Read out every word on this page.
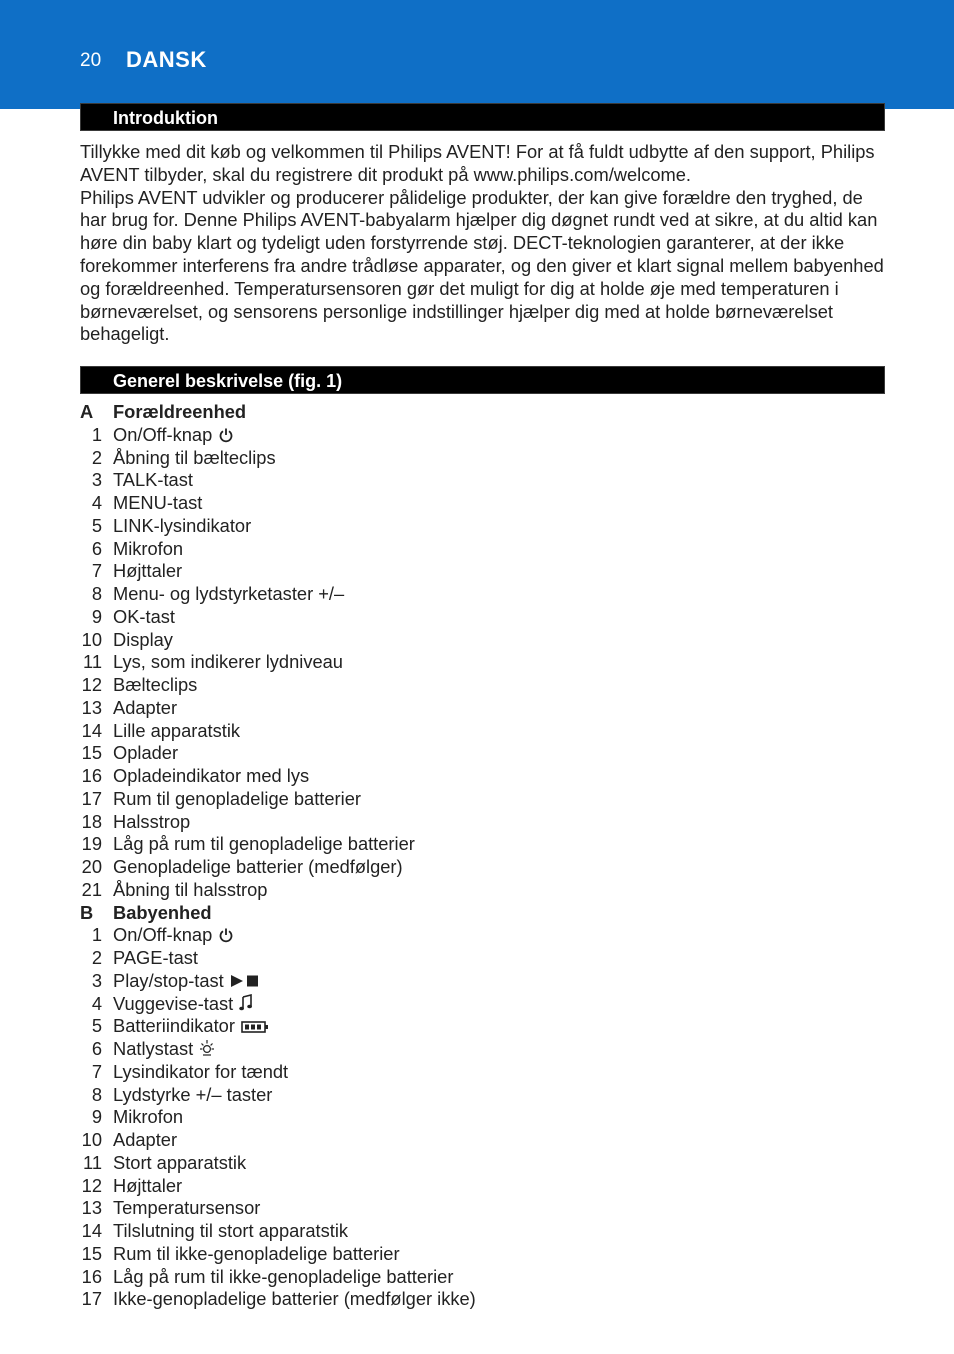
20 DANSK
Introduktion

Tillykke med dit køb og velkommen til Philips AVENT! For at få fuldt udbytte af den support, Philips AVENT tilbyder, skal du registrere dit produkt på www.philips.com/welcome.

Philips AVENT udvikler og producerer pålidelige produkter, der kan give forældre den tryghed, de har brug for. Denne Philips AVENT-babyalarm hjælper dig døgnet rundt ved at sikre, at du altid kan høre din baby klart og tydeligt uden forstyrrende støj. DECT-teknologien garanterer, at der ikke forekommer interferens fra andre trådløse apparater, og den giver et klart signal mellem babyenhed og forældreenhed. Temperatursensoren gør det muligt for dig at holde øje med temperaturen i børneværelset, og sensorens personlige indstillinger hjælper dig med at holde børneværelset behageligt.

Generel beskrivelse (fig. 1)
A	Forældreenhed
1 On/Off-knap
2 Åbning til bælteclips
3 TALK-tast
4 MENU-tast
5 LINK-lysindikator
6 Mikrofon
7 Højttaler
8 Menu- og lydstyrketaster +/–
9 OK-tast
10 Display
11 Lys, som indikerer lydniveau
12 Bælteclips
13 Adapter
14 Lille apparatstik
15 Oplader
16 Opladeindikator med lys
17 Rum til genopladelige batterier
18 Halsstrop
19 Låg på rum til genopladelige batterier
20 Genopladelige batterier (medfølger)
21 Åbning til halsstrop
B	Babyenhed
1 On/Off-knap
2 PAGE-tast
3 Play/stop-tast
4 Vuggevise-tast
5 Batteriindikator
6 Natlystast
7 Lysindikator for tændt
8 Lydstyrke +/– taster
9 Mikrofon
10 Adapter
11 Stort apparatstik
12 Højttaler
13 Temperatursensor
14 Tilslutning til stort apparatstik
15 Rum til ikke-genopladelige batterier
16 Låg på rum til ikke-genopladelige batterier
17 Ikke-genopladelige batterier (medfølger ikke)
